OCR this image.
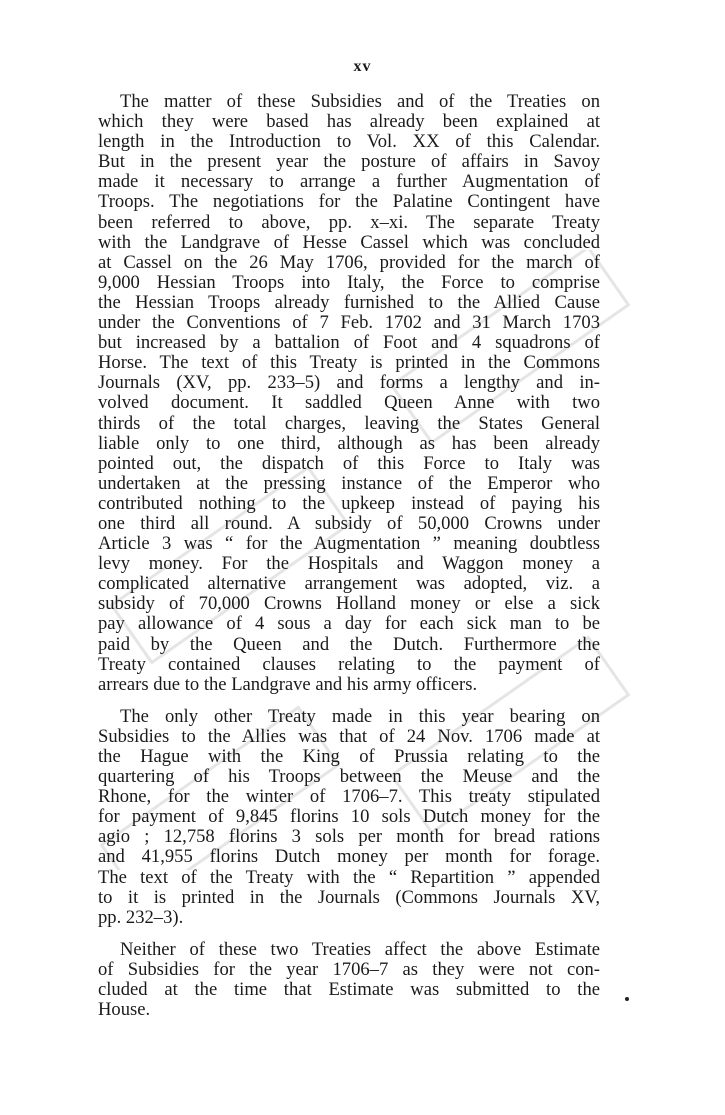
xv

The matter of these Subsidies and of the Treaties on
which they were based has already been explained at
length in the Introduction to Vol. XX of this Calendar.
But in the present year the posture of affairs in Savoy
made it necessary to arrange a further Augmentation of
Troops. The negotiations for the Palatine Contingent have
been referred to above, pp. x–xi. The separate Treaty
with the Landgrave of Hesse Cassel which was concluded
at Cassel on the 26 May 1706, provided for the march of
9,000 Hessian Troops into Italy, the Force to comprise
the Hessian Troops already furnished to the Allied Cause
under the Conventions of 7 Feb. 1702 and 31 March 1703
but increased by a battalion of Foot and 4 squadrons of
Horse. The text of this Treaty is printed in the Commons
Journals (XV, pp. 233–5) and forms a lengthy and in-
volved document. It saddled Queen Anne with two
thirds of the total charges, leaving the States General
liable only to one third, although as has been already
pointed out, the dispatch of this Force to Italy was
undertaken at the pressing instance of the Emperor who
contributed nothing to the upkeep instead of paying his
one third all round. A subsidy of 50,000 Crowns under
Article 3 was “ for the Augmentation ” meaning doubtless
levy money. For the Hospitals and Waggon money a
complicated alternative arrangement was adopted, viz. a
subsidy of 70,000 Crowns Holland money or else a sick
pay allowance of 4 sous a day for each sick man to be
paid by the Queen and the Dutch. Furthermore the
Treaty contained clauses relating to the payment of
arrears due to the Landgrave and his army officers.

The only other Treaty made in this year bearing on
Subsidies to the Allies was that of 24 Nov. 1706 made at
the Hague with the King of Prussia relating to the
quartering of his Troops between the Meuse and the
Rhone, for the winter of 1706–7. This treaty stipulated
for payment of 9,845 florins 10 sols Dutch money for the
agio ; 12,758 florins 3 sols per month for bread rations
and 41,955 florins Dutch money per month for forage.
The text of the Treaty with the “ Repartition ” appended
to it is printed in the Journals (Commons Journals XV,
pp. 232–3).

Neither of these two Treaties affect the above Estimate
of Subsidies for the year 1706–7 as they were not con-
cluded at the time that Estimate was submitted to the
House.
